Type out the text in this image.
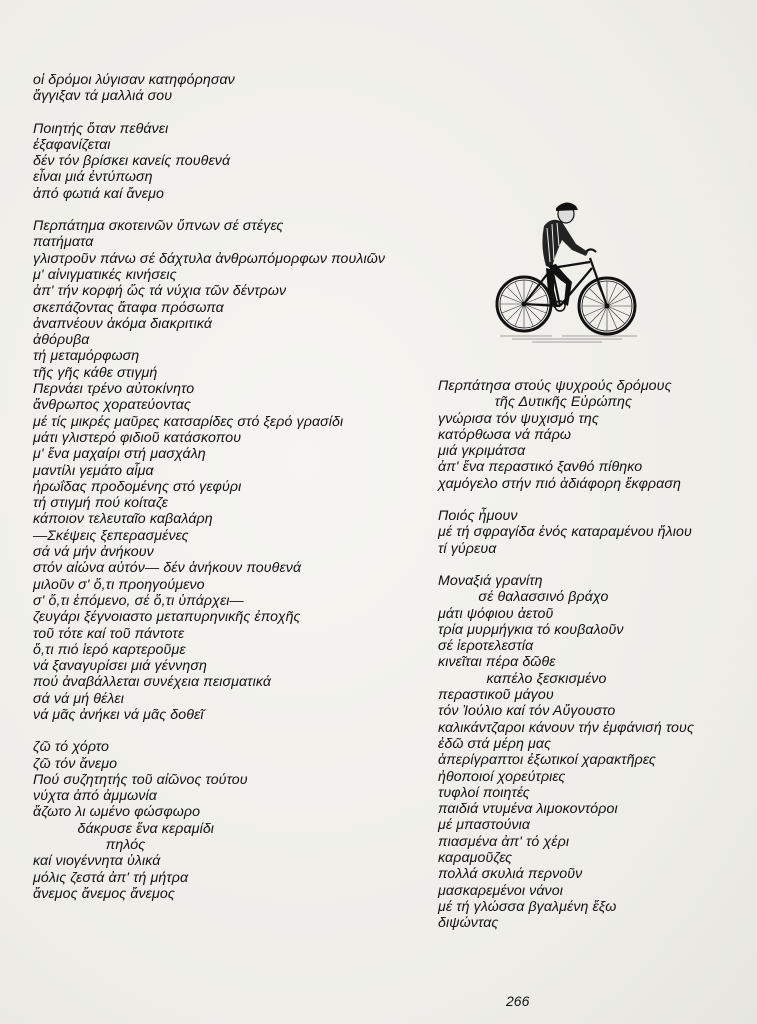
οἱ δρόμοι λύγισαν κατηφόρησαν
ἄγγιξαν τά μαλλιά σου
Ποιητής ὅταν πεθάνει
ἐξαφανίζεται
δέν τόν βρίσκει κανείς πουθενά
εἶναι μιά ἐντύπωση
ἀπό φωτιά καί ἄνεμο
Περπάτημα σκοτεινῶν ὕπνων σέ στέγες
πατήματα
γλιστροῦν πάνω σέ δάχτυλα ἀνθρωπόμορφων πουλιῶν
μ' αἰνιγματικές κινήσεις
ἀπ' τήν κορφή ὥς τά νύχια τῶν δέντρων
σκεπάζοντας ἄταφα πρόσωπα
ἀναπνέουν ἀκόμα διακριτικά
ἀθόρυβα
τή μεταμόρφωση
τῆς γῆς κάθε στιγμή
Περνάει τρένο αὐτοκίνητο
ἄνθρωπος χορατεύοντας
μέ τίς μικρές μαῦρες κατσαρίδες στό ξερό γρασίδι
μάτι γλιστερό φιδιοῦ κατάσκοπου
μ' ἕνα μαχαίρι στή μασχάλη
μαντίλι γεμάτο αἷμα
ἡρωΐδας προδομένης στό γεφύρι
τή στιγμή πού κοίταζε
κάποιον τελευταῖο καβαλάρη
—Σκέψεις ξεπερασμένες
σά νά μήν ἀνήκουν
στόν αἰώνα αὐτόν— δέν ἀνήκουν πουθενά
μιλοῦν σ' ὅ,τι προηγούμενο
σ' ὅ,τι ἑπόμενο, σέ ὅ,τι ὑπάρχει—
ζευγάρι ξέγνοιαστο μεταπυρηνικῆς ἐποχῆς
τοῦ τότε καί τοῦ πάντοτε
ὅ,τι πιό ἱερό καρτεροῦμε
νά ξαναγυρίσει μιά γέννηση
πού ἀναβάλλεται συνέχεια πεισματικά
σά νά μή θέλει
νά μᾶς ἀνήκει νά μᾶς δοθεῖ
ζῶ τό χόρτο
ζῶ τόν ἄνεμο
Πού συζητητής τοῦ αἰῶνος τούτου
νύχτα ἀπό ἀμμωνία
ἄζωτο λι ωμένο φώσφωρο
δάκρυσε ἕνα κεραμίδι
πηλός
καί νιογέννητα ὑλικά
μόλις ζεστά ἀπ' τή μήτρα
ἄνεμος ἄνεμος ἄνεμος
Περπάτησα στούς ψυχρούς δρόμους
τῆς Δυτικῆς Εὐρώπης
γνώρισα τόν ψυχισμό της
κατόρθωσα νά πάρω
μιά γκριμάτσα
ἀπ' ἕνα περαστικό ξανθό πίθηκο
χαμόγελο στήν πιό ἀδιάφορη ἔκφραση
Ποιός ἦμουν
μέ τή σφραγίδα ἑνός καταραμένου ἥλιου
τί γύρευα
Μοναξιά γρανίτη
σέ θαλασσινό βράχο
μάτι ψόφιου ἀετοῦ
τρία μυρμήγκια τό κουβαλοῦν
σέ ἱεροτελεστία
κινεῖται πέρα δῶθε
καπέλο ξεσκισμένο
περαστικοῦ μάγου
τόν Ἰούλιο καί τόν Αὔγουστο
καλικάντζαροι κάνουν τήν ἐμφάνισή τους
ἐδῶ στά μέρη μας
ἀπερίγραπτοι ἐξωτικοί χαρακτῆρες
ἠθοποιοί χορεύτριες
τυφλοί ποιητές
παιδιά ντυμένα λιμοκοντόροι
μέ μπαστούνια
πιασμένα ἀπ' τό χέρι
καραμοῦζες
πολλά σκυλιά περνοῦν
μασκαρεμένοι νάνοι
μέ τή γλώσσα βγαλμένη ἔξω
διψώντας
266
